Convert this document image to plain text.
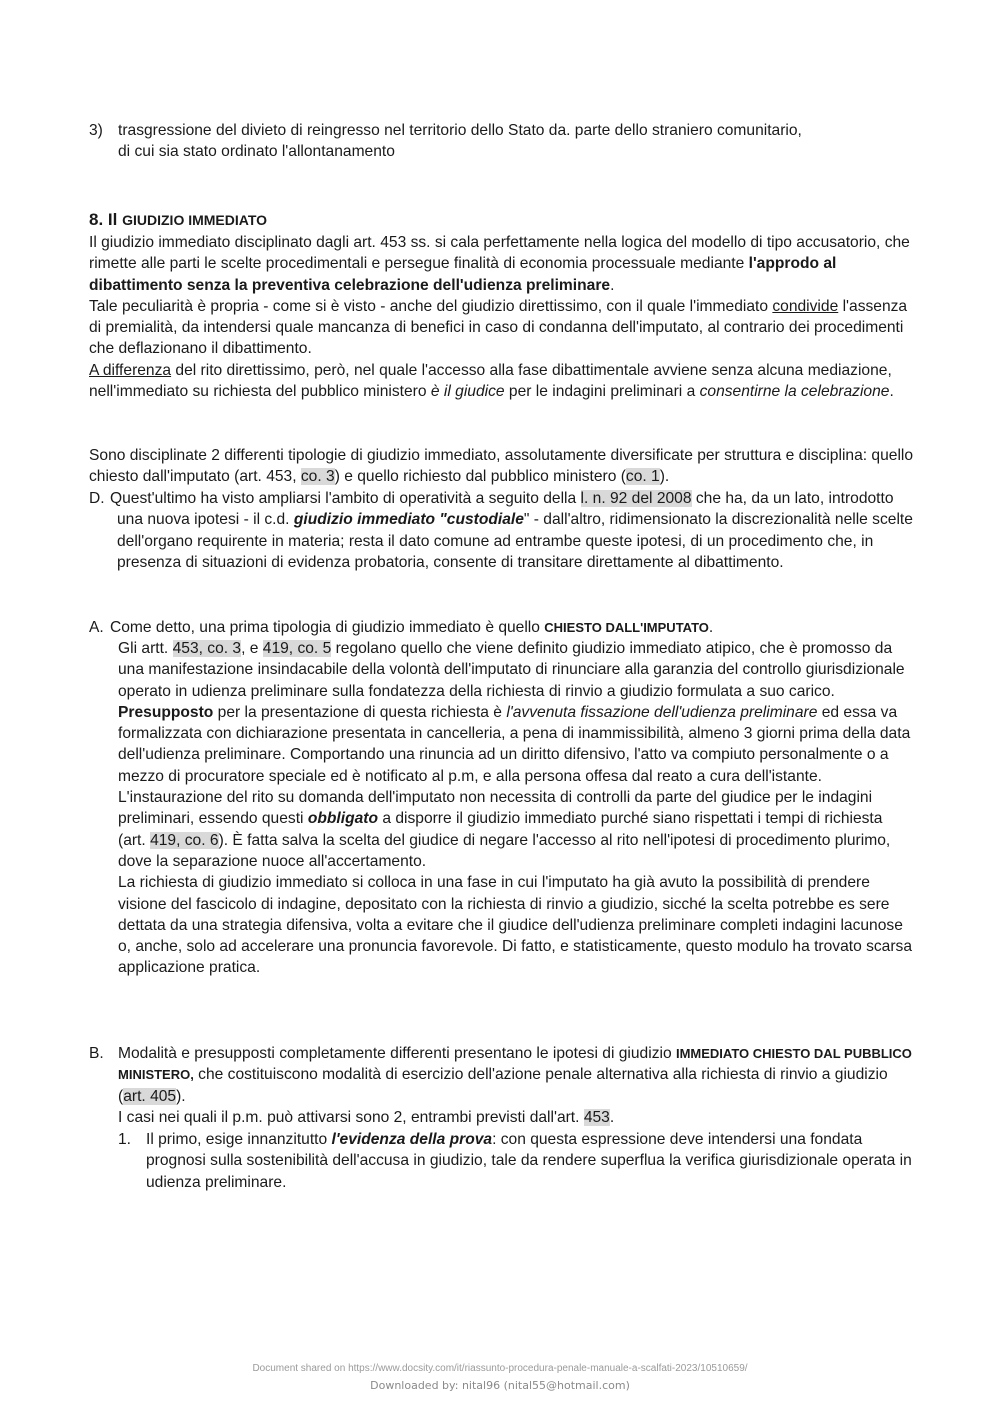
3) trasgressione del divieto di reingresso nel territorio dello Stato da. parte dello straniero comunitario,
di cui sia stato ordinato l'allontanamento

8. Il GIUDIZIO IMMEDIATO

Il giudizio immediato disciplinato dagli art. 453 ss. si cala perfettamente nella logica del modello di tipo accusatorio, che rimette alle parti le scelte procedimentali e persegue finalità di economia processuale mediante l'approdo al dibattimento senza la preventiva celebrazione dell'udienza preliminare.

Tale peculiarità è propria - come si è visto - anche del giudizio direttissimo, con il quale l'immediato condivide l'assenza di premialità, da intendersi quale mancanza di benefici in caso di condanna dell'imputato, al contrario dei procedimenti che deflazionano il dibattimento.

A differenza del rito direttissimo, però, nel quale l'accesso alla fase dibattimentale avviene senza alcuna mediazione, nell'immediato su richiesta del pubblico ministero è il giudice per le indagini preliminari a consentirne la celebrazione.

Sono disciplinate 2 differenti tipologie di giudizio immediato, assolutamente diversificate per struttura e disciplina: quello chiesto dall'imputato (art. 453, co. 3) e quello richiesto dal pubblico ministero (co. 1).

D. Quest'ultimo ha visto ampliarsi l'ambito di operatività a seguito della l. n. 92 del 2008 che ha, da un lato, introdotto una nuova ipotesi - il c.d. giudizio immediato "custodiale" - dall'altro, ridimensionato la discrezionalità nelle scelte dell'organo requirente in materia; resta il dato comune ad entrambe queste ipotesi, di un procedimento che, in presenza di situazioni di evidenza probatoria, consente di transitare direttamente al dibattimento.

A. Come detto, una prima tipologia di giudizio immediato è quello CHIESTO DALL'IMPUTATO.

Gli artt. 453, co. 3, e 419, co. 5 regolano quello che viene definito giudizio immediato atipico, che è promosso da una manifestazione insindacabile della volontà dell'imputato di rinunciare alla garanzia del controllo giurisdizionale operato in udienza preliminare sulla fondatezza della richiesta di rinvio a giudizio formulata a suo carico.

Presupposto per la presentazione di questa richiesta è l'avvenuta fissazione dell'udienza preliminare ed essa va formalizzata con dichiarazione presentata in cancelleria, a pena di inammissibilità, almeno 3 giorni prima della data dell'udienza preliminare. Comportando una rinuncia ad un diritto difensivo, l'atto va compiuto personalmente o a mezzo di procuratore speciale ed è notificato al p.m, e alla persona offesa dal reato a cura dell'istante.

L'instaurazione del rito su domanda dell'imputato non necessita di controlli da parte del giudice per le indagini preliminari, essendo questi obbligato a disporre il giudizio immediato purché siano rispettati i tempi di richiesta (art. 419, co. 6). È fatta salva la scelta del giudice di negare l'accesso al rito nell'ipotesi di procedimento plurimo, dove la separazione nuoce all'accertamento.

La richiesta di giudizio immediato si colloca in una fase in cui l'imputato ha già avuto la possibilità di prendere visione del fascicolo di indagine, depositato con la richiesta di rinvio a giudizio, sicché la scelta potrebbe es sere dettata da una strategia difensiva, volta a evitare che il giudice dell'udienza preliminare completi indagini lacunose o, anche, solo ad accelerare una pronuncia favorevole. Di fatto, e statisticamente, questo modulo ha trovato scarsa applicazione pratica.

B. Modalità e presupposti completamente differenti presentano le ipotesi di giudizio IMMEDIATO CHIESTO DAL PUBBLICO MINISTERO, che costituiscono modalità di esercizio dell'azione penale alternativa alla richiesta di rinvio a giudizio (art. 405).

I casi nei quali il p.m. può attivarsi sono 2, entrambi previsti dall'art. 453.

1. Il primo, esige innanzitutto l'evidenza della prova: con questa espressione deve intendersi una fondata prognosi sulla sostenibilità dell'accusa in giudizio, tale da rendere superflua la verifica giurisdizionale operata in udienza preliminare.

Document shared on https://www.docsity.com/it/riassunto-procedura-penale-manuale-a-scalfati-2023/10510659/
Downloaded by: nital96 (nital55@hotmail.com)
